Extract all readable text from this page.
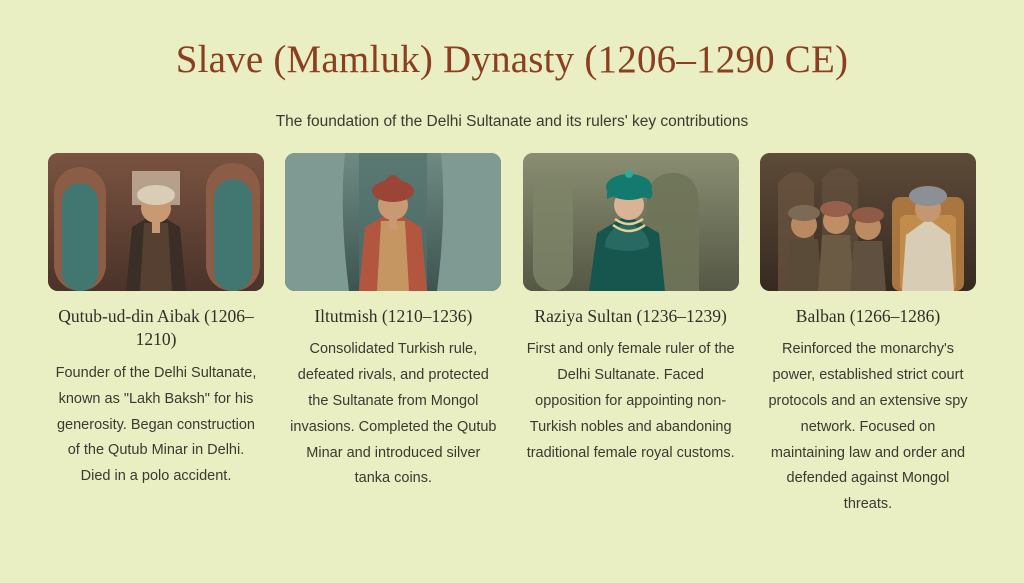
Slave (Mamluk) Dynasty (1206–1290 CE)

The foundation of the Delhi Sultanate and its rulers' key contributions

Qutub-ud-din Aibak (1206–1210)
Founder of the Delhi Sultanate, known as "Lakh Baksh" for his generosity. Began construction of the Qutub Minar in Delhi. Died in a polo accident.
Iltutmish (1210–1236)
Consolidated Turkish rule, defeated rivals, and protected the Sultanate from Mongol invasions. Completed the Qutub Minar and introduced silver tanka coins.
Raziya Sultan (1236–1239)
First and only female ruler of the Delhi Sultanate. Faced opposition for appointing non-Turkish nobles and abandoning traditional female royal customs.
Balban (1266–1286)
Reinforced the monarchy's power, established strict court protocols and an extensive spy network. Focused on maintaining law and order and defended against Mongol threats.
